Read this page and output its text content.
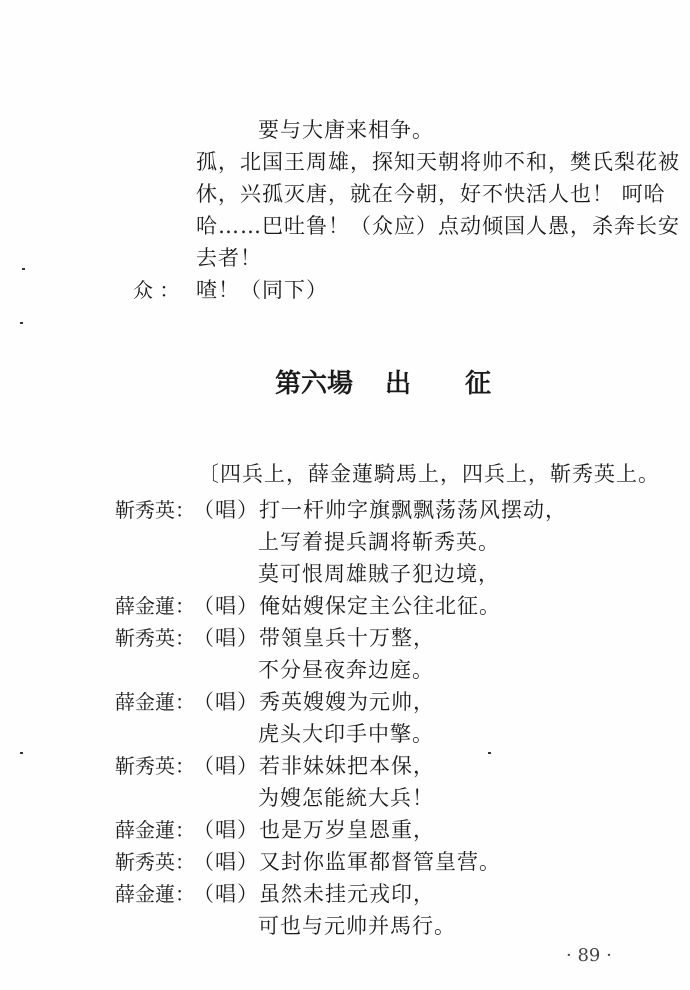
要与大唐来相争。
孤，北国王周雄，探知天朝将帅不和，樊氏梨花被
休，兴孤灭唐，就在今朝，好不快活人也！ 呵哈
哈……巴吐鲁！（众应）点动倾国人愚，杀奔长安
去者！
众 ： 喳！（同下）
第六場 出 征
〔四兵上，薛金蓮騎馬上，四兵上，靳秀英上。
靳秀英：
（唱）打一杆帅字旗飘飘荡荡风摆动，
上写着提兵調将靳秀英。
莫可恨周雄賊子犯边境，
薛金蓮：
（唱）俺姑嫂保定主公往北征。
靳秀英：
（唱）带領皇兵十万整，
不分昼夜奔边庭。
薛金蓮：
（唱）秀英嫂嫂为元帅，
虎头大印手中擎。
靳秀英：
（唱）若非妹妹把本保，
为嫂怎能統大兵！
薛金蓮：
（唱）也是万岁皇恩重，
靳秀英：
（唱）又封你监軍都督管皇营。
薛金蓮：
（唱）虽然未挂元戎印，
可也与元帅并馬行。
· 89 ·
